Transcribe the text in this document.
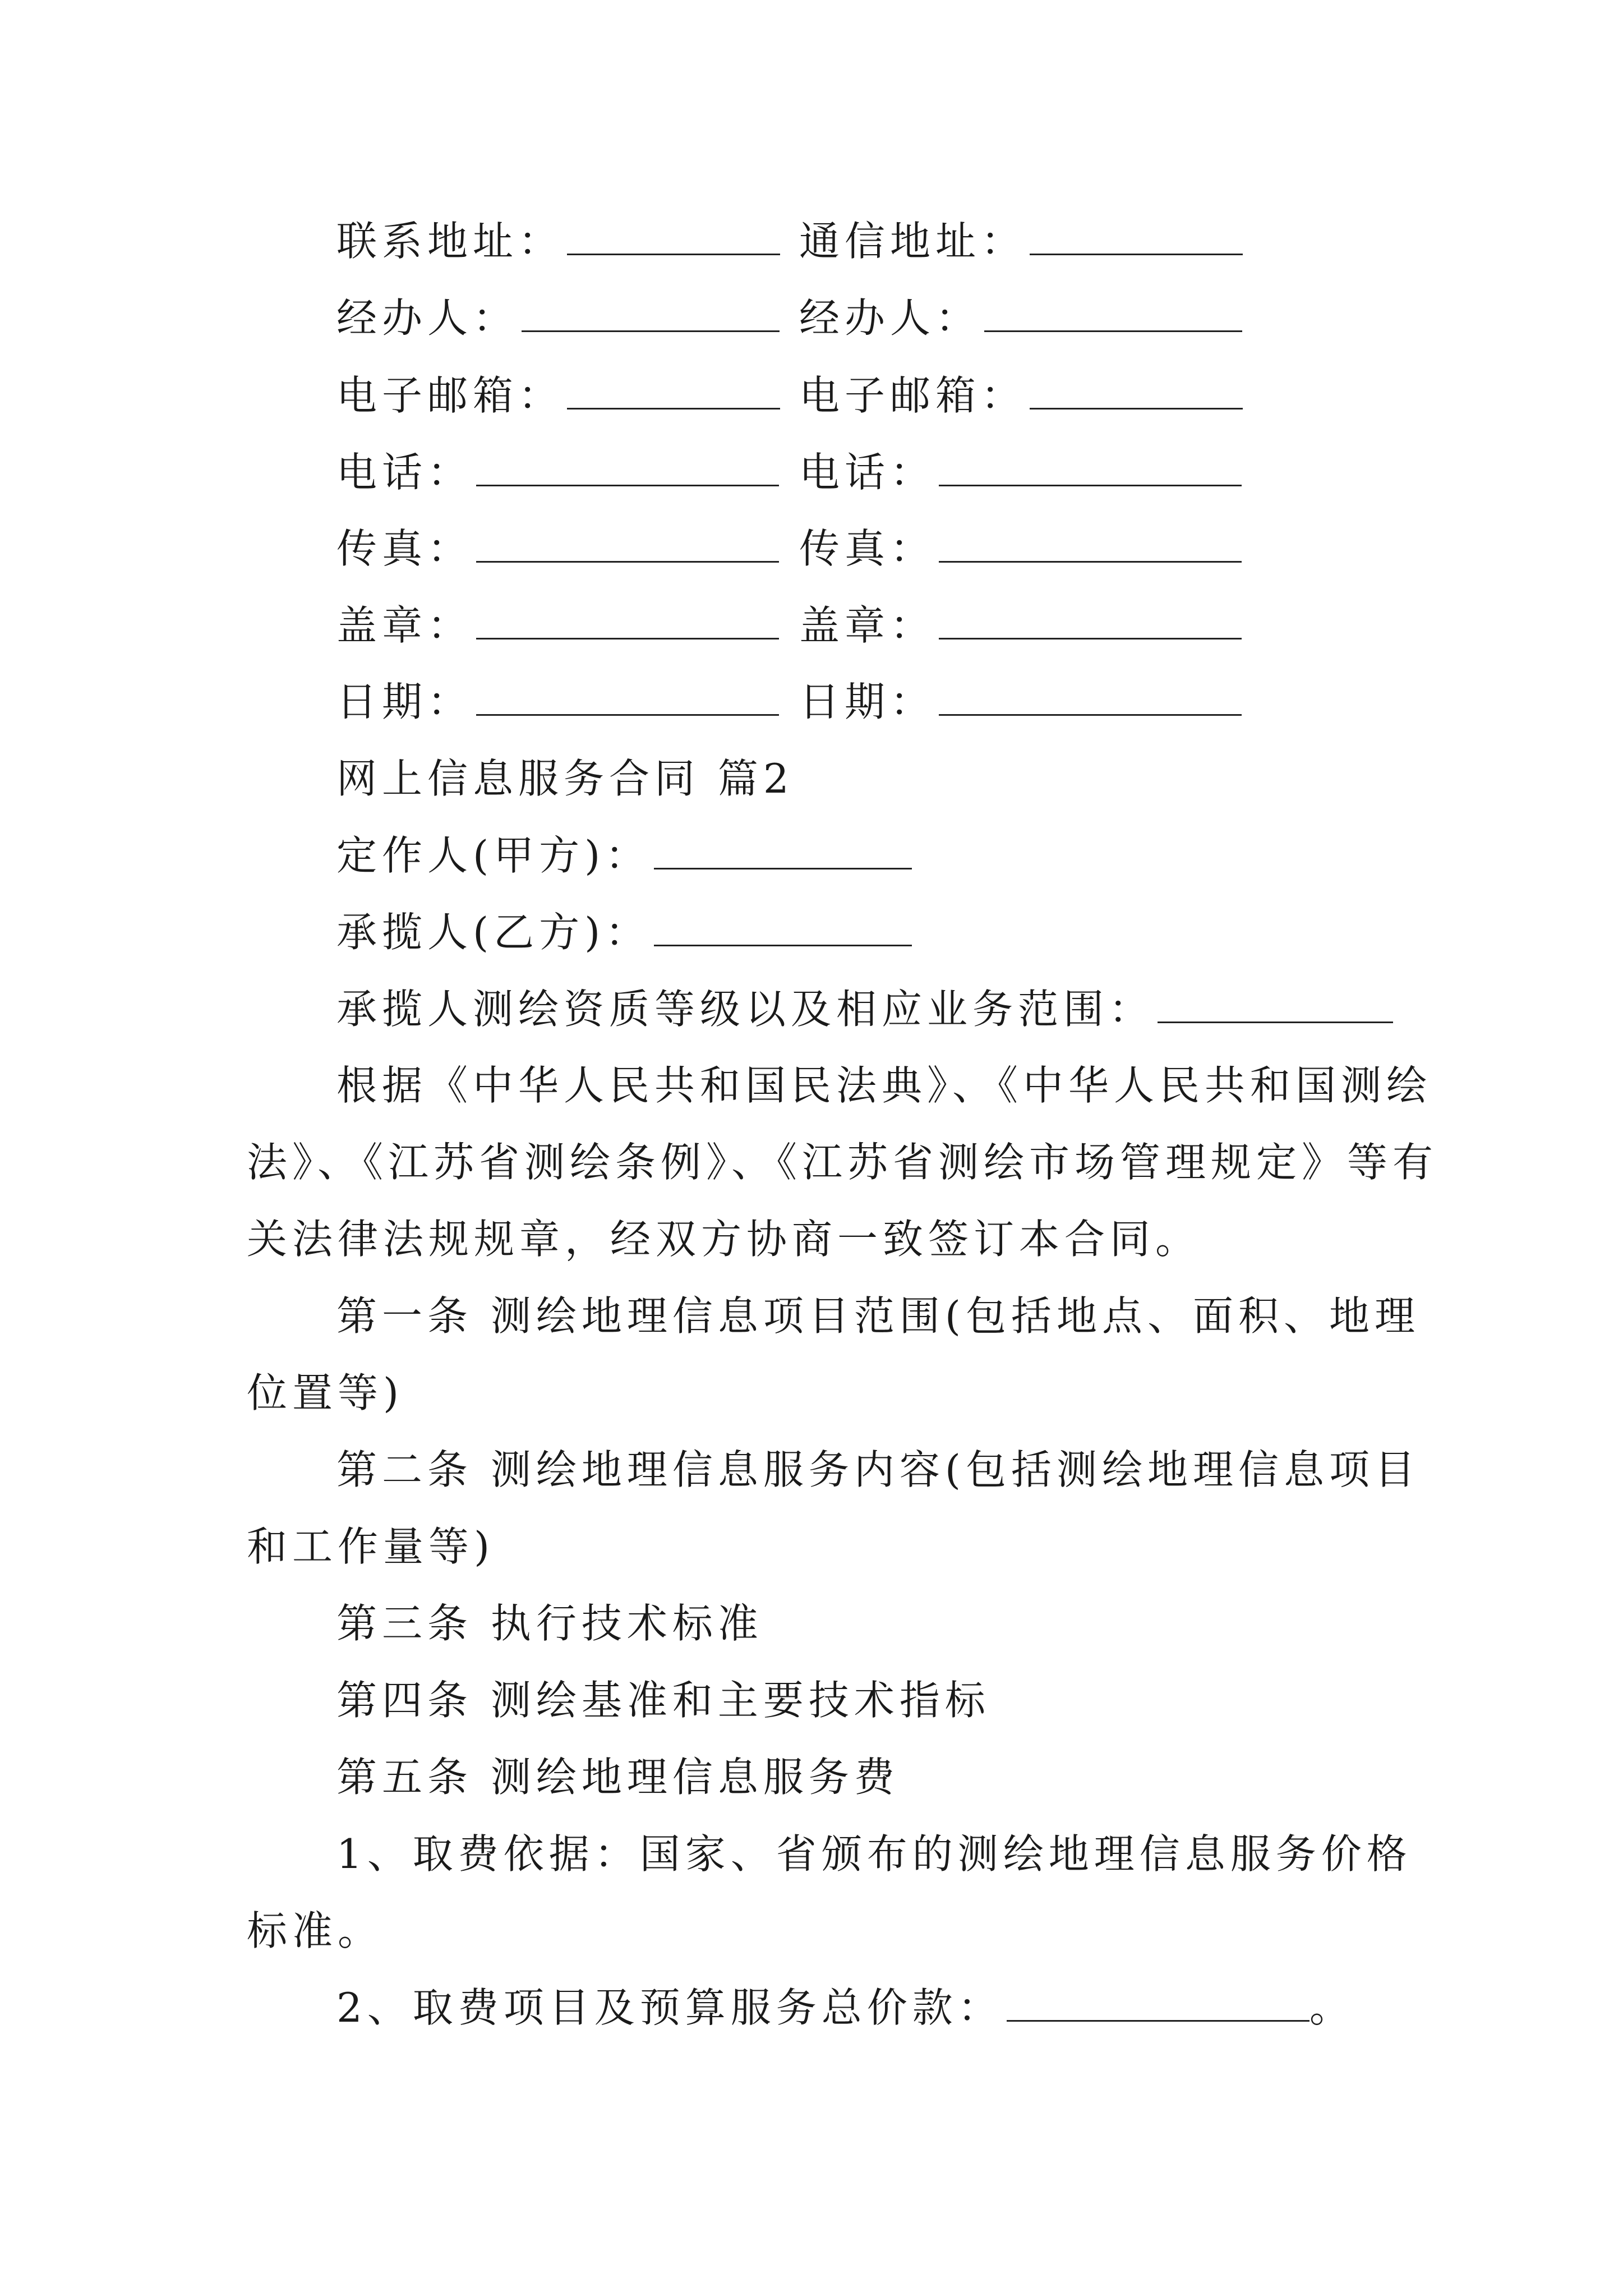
联系地址：	通信地址：
经办人：	经办人：
电子邮箱：	电子邮箱：
电话：	电话：
传真：	传真：
盖章：	盖章：
日期：	日期：
网上信息服务合同 篇2
定作人(甲方)：
承揽人(乙方)：
承揽人测绘资质等级以及相应业务范围：
根据《中华人民共和国民法典》、《中华人民共和国测绘
法》、《江苏省测绘条例》、《江苏省测绘市场管理规定》等有
关法律法规规章，经双方协商一致签订本合同。
第一条 测绘地理信息项目范围(包括地点、面积、地理
位置等)
第二条 测绘地理信息服务内容(包括测绘地理信息项目
和工作量等)
第三条 执行技术标准
第四条 测绘基准和主要技术指标
第五条 测绘地理信息服务费
1、取费依据：国家、省颁布的测绘地理信息服务价格
标准。
2、取费项目及预算服务总价款：	。
